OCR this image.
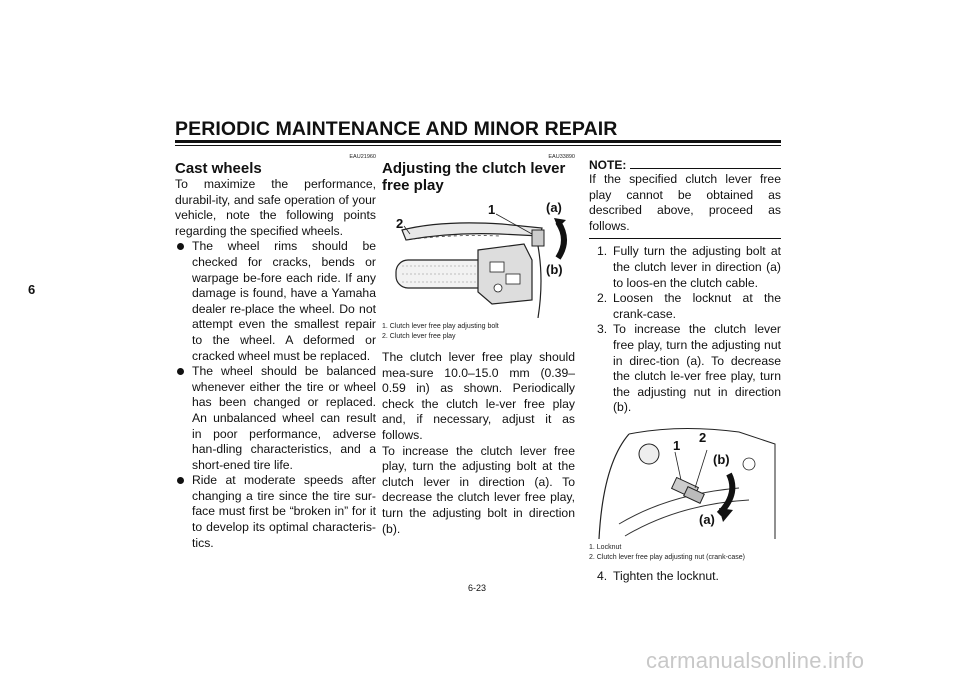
PERIODIC MAINTENANCE AND MINOR REPAIR
6
EAU21960
Cast wheels

To maximize the performance, durabil-ity, and safe operation of your vehicle, note the following points regarding the specified wheels.

The wheel rims should be checked for cracks, bends or warpage be-fore each ride. If any damage is found, have a Yamaha dealer re-place the wheel. Do not attempt even the smallest repair to the wheel. A deformed or cracked wheel must be replaced.
The wheel should be balanced whenever either the tire or wheel has been changed or replaced. An unbalanced wheel can result in poor performance, adverse han-dling characteristics, and a short-ened tire life.
Ride at moderate speeds after changing a tire since the tire sur-face must first be “broken in” for it to develop its optimal characteris-tics.
EAU33890
Adjusting the clutch lever free play
1
2
(a)
(b)
1. Clutch lever free play adjusting bolt
2. Clutch lever free play

The clutch lever free play should mea-sure 10.0–15.0 mm (0.39–0.59 in) as shown. Periodically check the clutch le-ver free play and, if necessary, adjust it as follows.

To increase the clutch lever free play, turn the adjusting bolt at the clutch lever in direction (a). To decrease the clutch lever free play, turn the adjusting bolt in direction (b).

NOTE:
If the specified clutch lever free play cannot be obtained as described above, proceed as follows.
1. Fully turn the adjusting bolt at the clutch lever in direction (a) to loos-en the clutch cable.
2. Loosen the locknut at the crank-case.
3. To increase the clutch lever free play, turn the adjusting nut in direc-tion (a). To decrease the clutch le-ver free play, turn the adjusting nut in direction (b).
1
2
(b)
(a)
1. Locknut
2. Clutch lever free play adjusting nut (crank-case)
4. Tighten the locknut.
6-23
carmanualsonline.info
